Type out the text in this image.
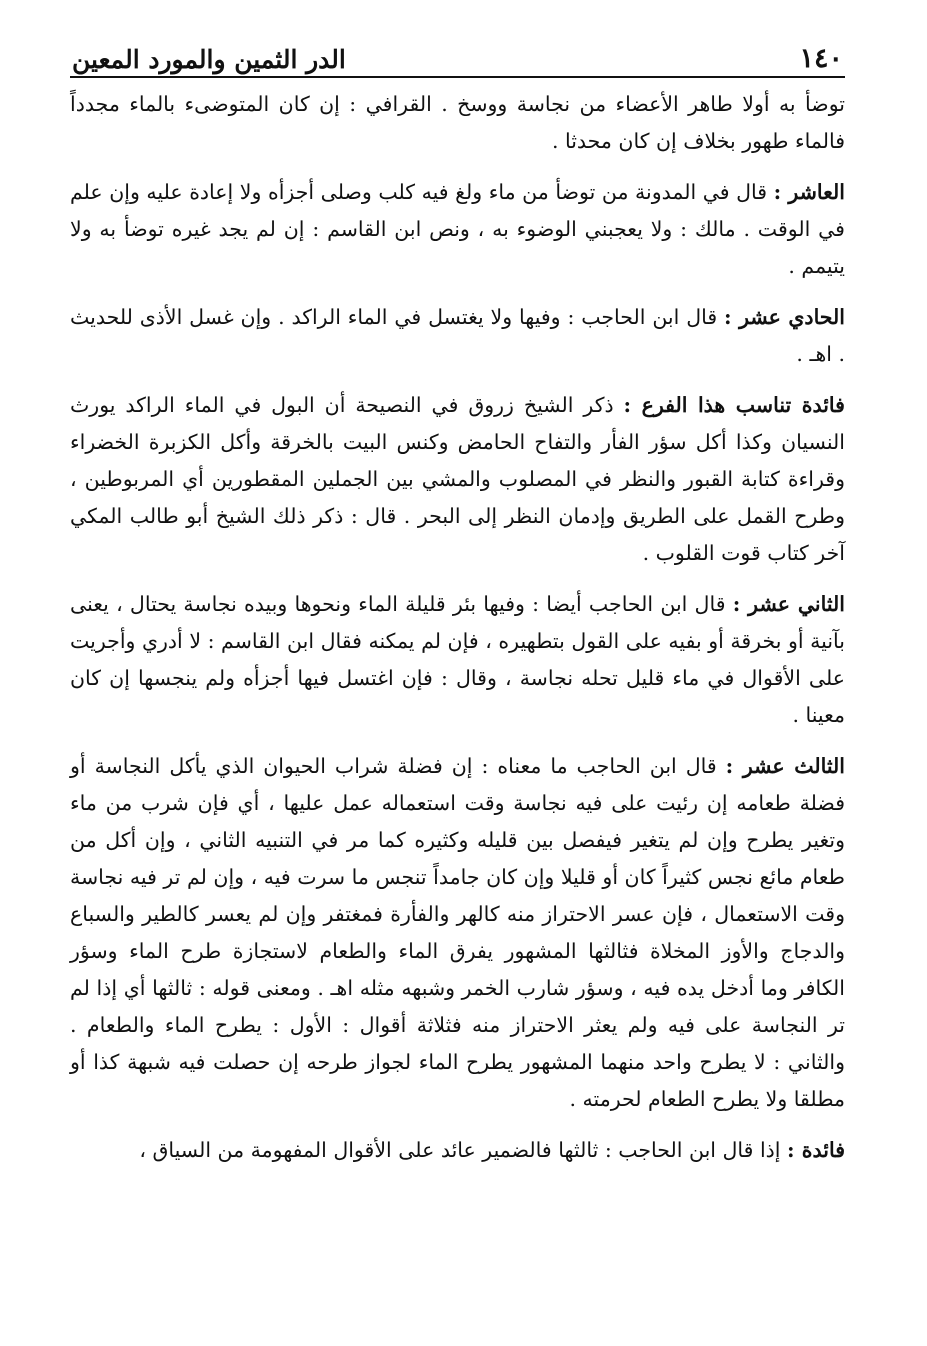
١٤٠
الدر الثمين والمورد المعين

توضأ به أولا طاهر الأعضاء من نجاسة ووسخ . القرافي : إن كان المتوضىء بالماء مجدداً فالماء طهور بخلاف إن كان محدثا .

العاشر : قال في المدونة من توضأ من ماء ولغ فيه كلب وصلى أجزأه ولا إعادة عليه وإن علم في الوقت . مالك : ولا يعجبني الوضوء به ، ونص ابن القاسم : إن لم يجد غيره توضأ به ولا يتيمم .

الحادي عشر : قال ابن الحاجب : وفيها ولا يغتسل في الماء الراكد . وإن غسل الأذى للحديث . اهـ .

فائدة تناسب هذا الفرع : ذكر الشيخ زروق في النصيحة أن البول في الماء الراكد يورث النسيان وكذا أكل سؤر الفأر والتفاح الحامض وكنس البيت بالخرقة وأكل الكزبرة الخضراء وقراءة كتابة القبور والنظر في المصلوب والمشي بين الجملين المقطورين أي المربوطين ، وطرح القمل على الطريق وإدمان النظر إلى البحر . قال : ذكر ذلك الشيخ أبو طالب المكي آخر كتاب قوت القلوب .

الثاني عشر : قال ابن الحاجب أيضا : وفيها بئر قليلة الماء ونحوها وبيده نجاسة يحتال ، يعنى بآنية أو بخرقة أو بفيه على القول بتطهيره ، فإن لم يمكنه فقال ابن القاسم : لا أدري وأجريت على الأقوال في ماء قليل تحله نجاسة ، وقال : فإن اغتسل فيها أجزأه ولم ينجسها إن كان معينا .

الثالث عشر : قال ابن الحاجب ما معناه : إن فضلة شراب الحيوان الذي يأكل النجاسة أو فضلة طعامه إن رئيت على فيه نجاسة وقت استعماله عمل عليها ، أي فإن شرب من ماء وتغير يطرح وإن لم يتغير فيفصل بين قليله وكثيره كما مر في التنبيه الثاني ، وإن أكل من طعام مائع نجس كثيراً كان أو قليلا وإن كان جامداً تنجس ما سرت فيه ، وإن لم تر فيه نجاسة وقت الاستعمال ، فإن عسر الاحتراز منه كالهر والفأرة فمغتفر وإن لم يعسر كالطير والسباع والدجاج والأوز المخلاة فثالثها المشهور يفرق الماء والطعام لاستجازة طرح الماء وسؤر الكافر وما أدخل يده فيه ، وسؤر شارب الخمر وشبهه مثله اهـ . ومعنى قوله : ثالثها أي إذا لم تر النجاسة على فيه ولم يعثر الاحتراز منه فثلاثة أقوال : الأول : يطرح الماء والطعام . والثاني : لا يطرح واحد منهما المشهور يطرح الماء لجواز طرحه إن حصلت فيه شبهة كذا أو مطلقا ولا يطرح الطعام لحرمته .

فائدة : إذا قال ابن الحاجب : ثالثها فالضمير عائد على الأقوال المفهومة من السياق ،
